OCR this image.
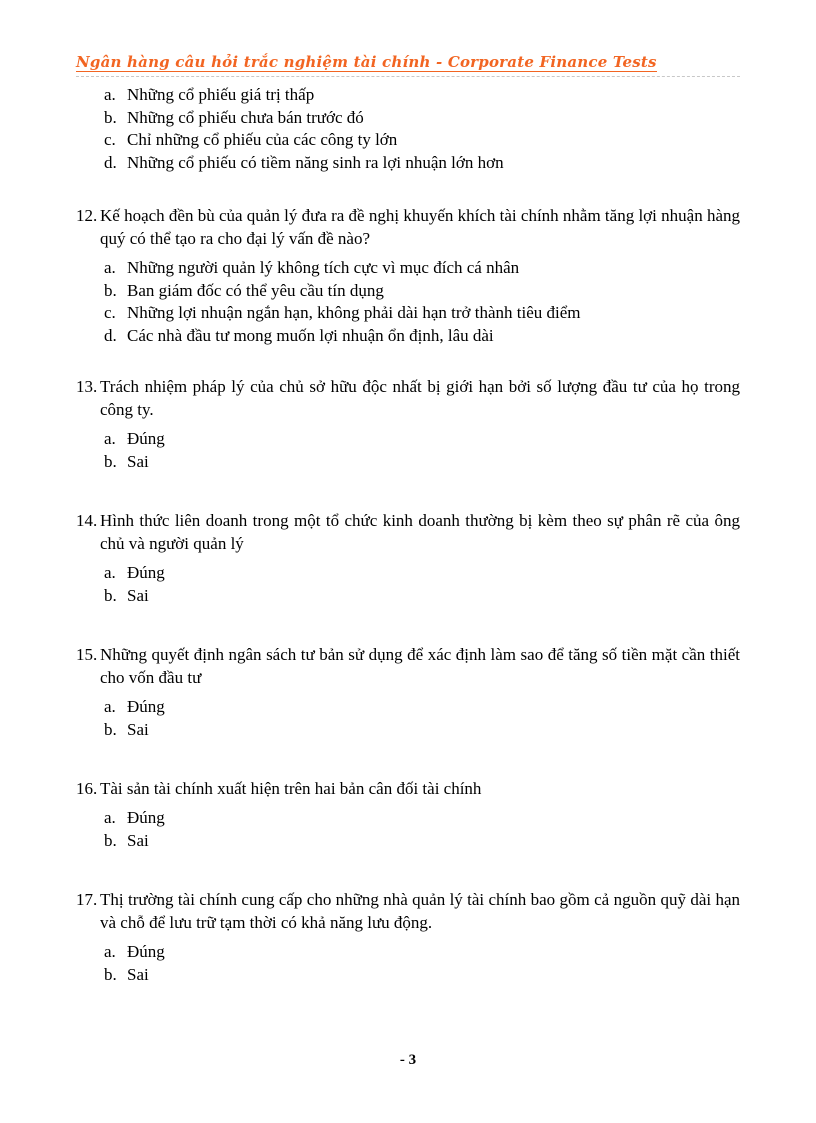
Ngân hàng câu hỏi trắc nghiệm tài chính - Corporate Finance Tests
a. Những cổ phiếu giá trị thấp
b. Những cổ phiếu chưa bán trước đó
c. Chỉ những cổ phiếu của các công ty lớn
d. Những cổ phiếu có tiềm năng sinh ra lợi nhuận lớn hơn
12. Kế hoạch đền bù của quản lý đưa ra đề nghị khuyến khích tài chính nhằm tăng lợi nhuận hàng quý có thể tạo ra cho đại lý vấn đề nào?
a. Những người quản lý không tích cực vì mục đích cá nhân
b. Ban giám đốc có thể yêu cầu tín dụng
c. Những lợi nhuận ngắn hạn, không phải dài hạn trở thành tiêu điểm
d. Các nhà đầu tư mong muốn lợi nhuận ổn định, lâu dài
13. Trách nhiệm pháp lý của chủ sở hữu độc nhất bị giới hạn bởi số lượng đầu tư của họ trong công ty.
a. Đúng
b. Sai
14. Hình thức liên doanh trong một tổ chức kinh doanh thường bị kèm theo sự phân rẽ của ông chủ và người quản lý
a. Đúng
b. Sai
15. Những quyết định ngân sách tư bản sử dụng để xác định làm sao để tăng số tiền mặt cần thiết cho vốn đầu tư
a. Đúng
b. Sai
16. Tài sản tài chính xuất hiện trên hai bản cân đối tài chính
a. Đúng
b. Sai
17. Thị trường tài chính cung cấp cho những nhà quản lý tài chính bao gồm cả nguồn quỹ dài hạn và chỗ để lưu trữ tạm thời có khả năng lưu động.
a. Đúng
b. Sai
- 3
